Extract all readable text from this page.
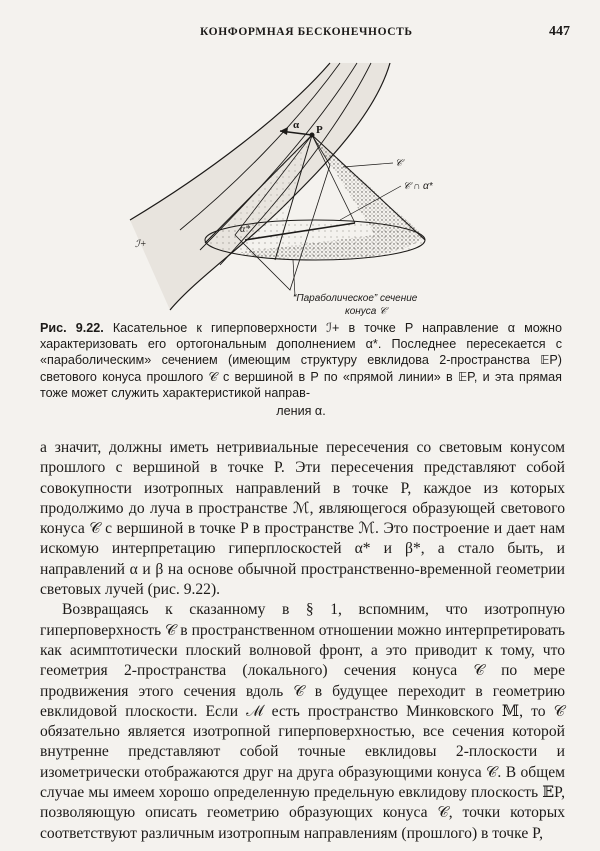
КОНФОРМНАЯ БЕСКОНЕЧНОСТЬ	447
ℐ+
α P
α*
𝒞
𝒞 ∩ α*
“Параболическое” сечение
конуса 𝒞
Рис. 9.22. Касательное к гиперповерхности ℐ+ в точке P направление α можно характеризовать его ортогональным дополнением α*. Последнее пересекается с «параболическим» сечением (имеющим структуру евклидова 2-пространства 𝔼P) светового конуса прошлого 𝒞 с вершиной в P по «прямой линии» в 𝔼P, и эта прямая тоже может служить характеристикой направ-
ления α.

а значит, должны иметь нетривиальные пересечения со световым конусом прошлого с вершиной в точке P. Эти пересечения представляют собой совокупности изотропных направлений в точке P, каждое из которых продолжимо до луча в пространстве ℳ, являющегося образующей светового конуса 𝒞 с вершиной в точке P в пространстве ℳ. Это построение и дает нам искомую интерпретацию гиперплоскостей α* и β*, а стало быть, и направлений α и β на основе обычной пространственно-временной геометрии световых лучей (рис. 9.22).

Возвращаясь к сказанному в § 1, вспомним, что изотропную гиперповерхность 𝒞 в пространственном отношении можно интерпретировать как асимптотически плоский волновой фронт, а это приводит к тому, что геометрия 2-пространства (локального) сечения конуса 𝒞 по мере продвижения этого сечения вдоль 𝒞 в будущее переходит в геометрию евклидовой плоскости. Если ℳ есть пространство Минковского 𝕄, то 𝒞 обязательно является изотропной гиперповерхностью, все сечения которой внутренне представляют собой точные евклидовы 2-плоскости и изометрически отображаются друг на друга образующими конуса 𝒞. В общем случае мы имеем хорошо определенную предельную евклидову плоскость 𝔼P, позволяющую описать геометрию образующих конуса 𝒞, точки которых соответствуют различным изотропным направлениям (прошлого) в точке P,
